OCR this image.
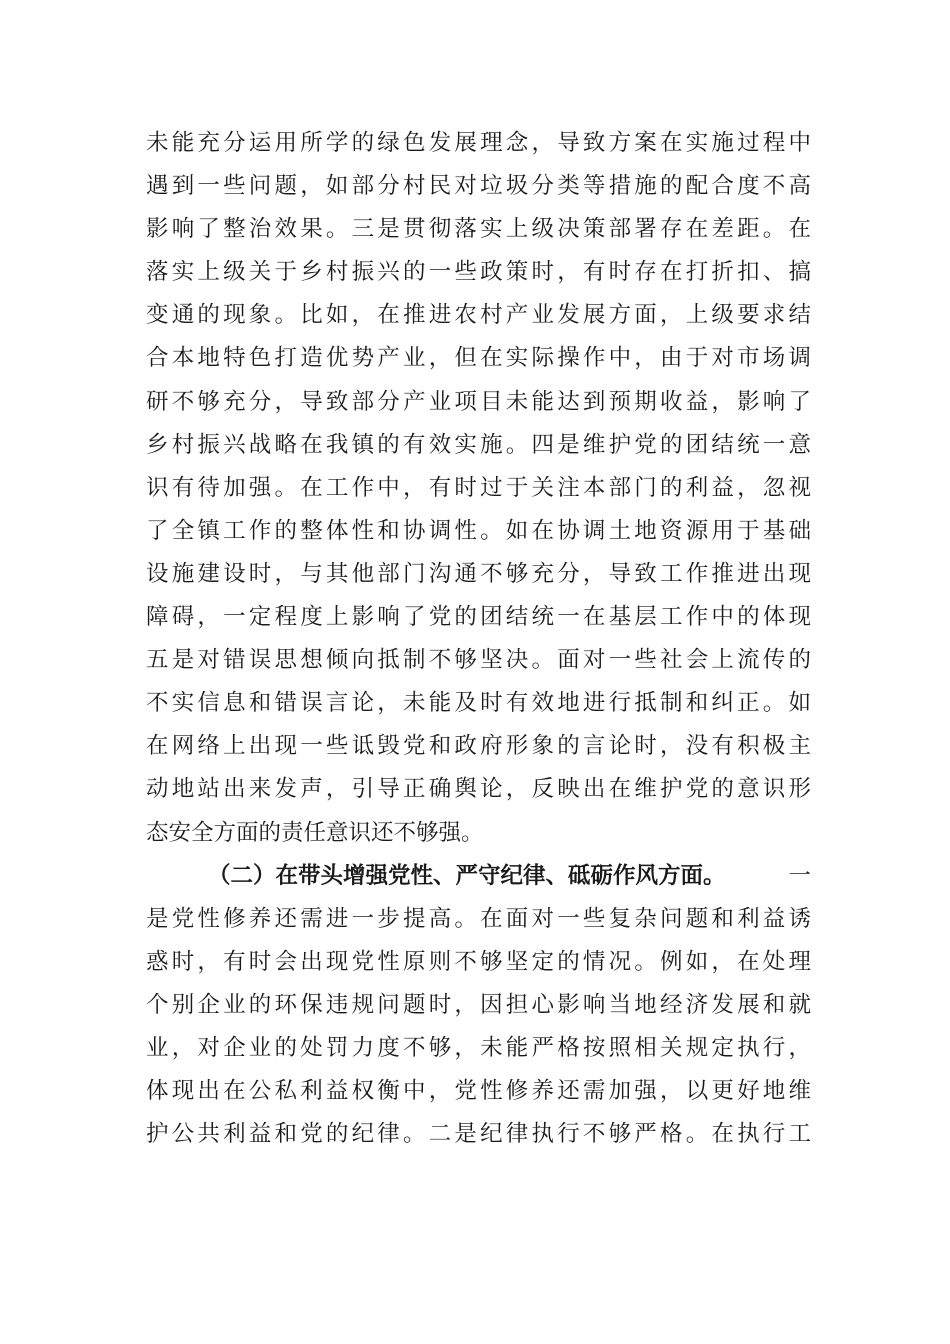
未能充分运用所学的绿色发展理念，导致方案在实施过程中
遇到一些问题，如部分村民对垃圾分类等措施的配合度不高
影响了整治效果。三是贯彻落实上级决策部署存在差距。在
落实上级关于乡村振兴的一些政策时，有时存在打折扣、搞
变通的现象。比如，在推进农村产业发展方面，上级要求结
合本地特色打造优势产业，但在实际操作中，由于对市场调
研不够充分，导致部分产业项目未能达到预期收益，影响了
乡村振兴战略在我镇的有效实施。四是维护党的团结统一意
识有待加强。在工作中，有时过于关注本部门的利益，忽视
了全镇工作的整体性和协调性。如在协调土地资源用于基础
设施建设时，与其他部门沟通不够充分，导致工作推进出现
障碍，一定程度上影响了党的团结统一在基层工作中的体现
五是对错误思想倾向抵制不够坚决。面对一些社会上流传的
不实信息和错误言论，未能及时有效地进行抵制和纠正。如
在网络上出现一些诋毁党和政府形象的言论时，没有积极主
动地站出来发声，引导正确舆论，反映出在维护党的意识形
态安全方面的责任意识还不够强。
（二）在带头增强党性、严守纪律、砥砺作风方面。	一
是党性修养还需进一步提高。在面对一些复杂问题和利益诱
惑时，有时会出现党性原则不够坚定的情况。例如，在处理
个别企业的环保违规问题时，因担心影响当地经济发展和就
业，对企业的处罚力度不够，未能严格按照相关规定执行，
体现出在公私利益权衡中，党性修养还需加强，以更好地维
护公共利益和党的纪律。二是纪律执行不够严格。在执行工
